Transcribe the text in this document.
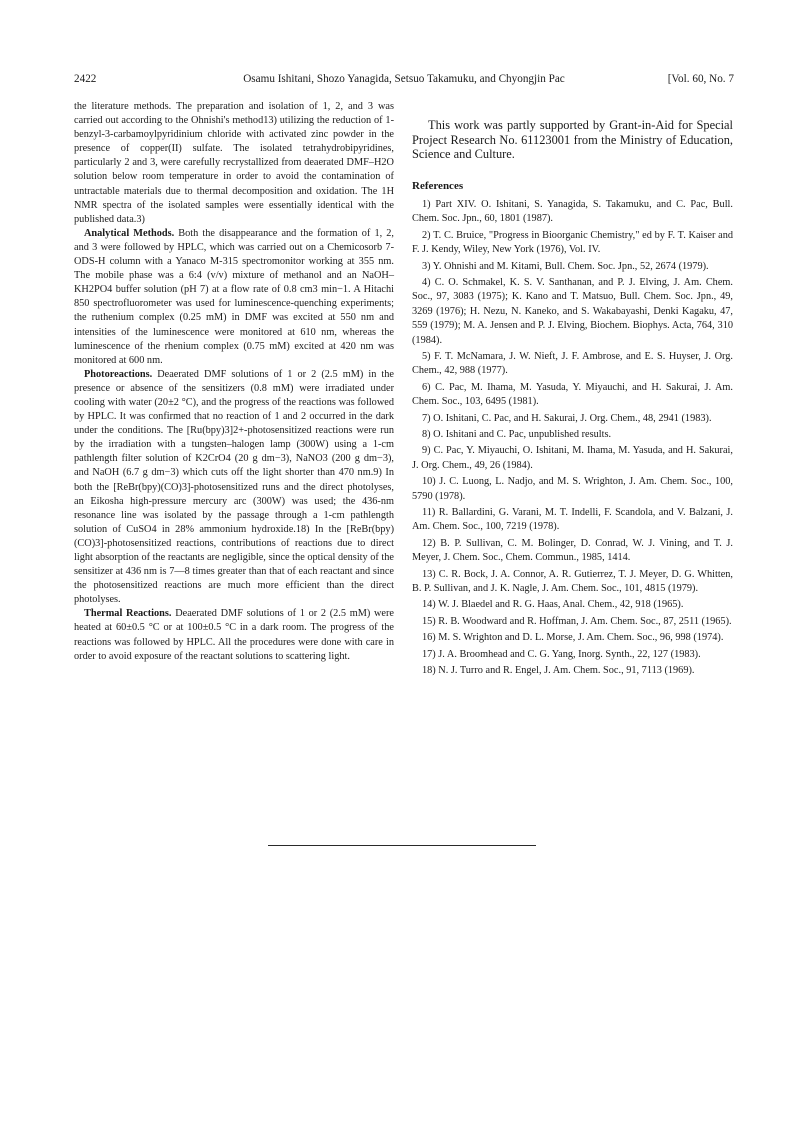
2422	Osamu Ishitani, Shozo Yanagida, Setsuo Takamuku, and Chyongjin Pac	[Vol. 60, No. 7

the literature methods. The preparation and isolation of 1, 2, and 3 was carried out according to the Ohnishi's method13) utilizing the reduction of 1-benzyl-3-carbamoylpyridinium chloride with activated zinc powder in the presence of copper(II) sulfate. The isolated tetrahydrobipyridines, particularly 2 and 3, were carefully recrystallized from deaerated DMF–H2O solution below room temperature in order to avoid the contamination of untractable materials due to thermal decomposition and oxidation. The 1H NMR spectra of the isolated samples were essentially identical with the published data.3)

Analytical Methods. Both the disappearance and the formation of 1, 2, and 3 were followed by HPLC, which was carried out on a Chemicosorb 7-ODS-H column with a Yanaco M-315 spectromonitor working at 355 nm. The mobile phase was a 6:4 (v/v) mixture of methanol and an NaOH–KH2PO4 buffer solution (pH 7) at a flow rate of 0.8 cm3 min−1. A Hitachi 850 spectrofluorometer was used for luminescence-quenching experiments; the ruthenium complex (0.25 mM) in DMF was excited at 550 nm and intensities of the luminescence were monitored at 610 nm, whereas the luminescence of the rhenium complex (0.75 mM) excited at 420 nm was monitored at 600 nm.

Photoreactions. Deaerated DMF solutions of 1 or 2 (2.5 mM) in the presence or absence of the sensitizers (0.8 mM) were irradiated under cooling with water (20±2 °C), and the progress of the reactions was followed by HPLC. It was confirmed that no reaction of 1 and 2 occurred in the dark under the conditions. The [Ru(bpy)3]2+-photosensitized reactions were run by the irradiation with a tungsten–halogen lamp (300W) using a 1-cm pathlength filter solution of K2CrO4 (20 g dm−3), NaNO3 (200 g dm−3), and NaOH (6.7 g dm−3) which cuts off the light shorter than 470 nm.9) In both the [ReBr(bpy)(CO)3]-photosensitized runs and the direct photolyses, an Eikosha high-pressure mercury arc (300W) was used; the 436-nm resonance line was isolated by the passage through a 1-cm pathlength solution of CuSO4 in 28% ammonium hydroxide.18) In the [ReBr(bpy)(CO)3]-photosensitized reactions, contributions of reactions due to direct light absorption of the reactants are negligible, since the optical density of the sensitizer at 436 nm is 7—8 times greater than that of each reactant and since the photosensitized reactions are much more efficient than the direct photolyses.

Thermal Reactions. Deaerated DMF solutions of 1 or 2 (2.5 mM) were heated at 60±0.5 °C or at 100±0.5 °C in a dark room. The progress of the reactions was followed by HPLC. All the procedures were done with care in order to avoid exposure of the reactant solutions to scattering light.

This work was partly supported by Grant-in-Aid for Special Project Research No. 61123001 from the Ministry of Education, Science and Culture.

References

1) Part XIV. O. Ishitani, S. Yanagida, S. Takamuku, and C. Pac, Bull. Chem. Soc. Jpn., 60, 1801 (1987).

2) T. C. Bruice, "Progress in Bioorganic Chemistry," ed by F. T. Kaiser and F. J. Kendy, Wiley, New York (1976), Vol. IV.

3) Y. Ohnishi and M. Kitami, Bull. Chem. Soc. Jpn., 52, 2674 (1979).

4) C. O. Schmakel, K. S. V. Santhanan, and P. J. Elving, J. Am. Chem. Soc., 97, 3083 (1975); K. Kano and T. Matsuo, Bull. Chem. Soc. Jpn., 49, 3269 (1976); H. Nezu, N. Kaneko, and S. Wakabayashi, Denki Kagaku, 47, 559 (1979); M. A. Jensen and P. J. Elving, Biochem. Biophys. Acta, 764, 310 (1984).

5) F. T. McNamara, J. W. Nieft, J. F. Ambrose, and E. S. Huyser, J. Org. Chem., 42, 988 (1977).

6) C. Pac, M. Ihama, M. Yasuda, Y. Miyauchi, and H. Sakurai, J. Am. Chem. Soc., 103, 6495 (1981).

7) O. Ishitani, C. Pac, and H. Sakurai, J. Org. Chem., 48, 2941 (1983).

8) O. Ishitani and C. Pac, unpublished results.

9) C. Pac, Y. Miyauchi, O. Ishitani, M. Ihama, M. Yasuda, and H. Sakurai, J. Org. Chem., 49, 26 (1984).

10) J. C. Luong, L. Nadjo, and M. S. Wrighton, J. Am. Chem. Soc., 100, 5790 (1978).

11) R. Ballardini, G. Varani, M. T. Indelli, F. Scandola, and V. Balzani, J. Am. Chem. Soc., 100, 7219 (1978).

12) B. P. Sullivan, C. M. Bolinger, D. Conrad, W. J. Vining, and T. J. Meyer, J. Chem. Soc., Chem. Commun., 1985, 1414.

13) C. R. Bock, J. A. Connor, A. R. Gutierrez, T. J. Meyer, D. G. Whitten, B. P. Sullivan, and J. K. Nagle, J. Am. Chem. Soc., 101, 4815 (1979).

14) W. J. Blaedel and R. G. Haas, Anal. Chem., 42, 918 (1965).

15) R. B. Woodward and R. Hoffman, J. Am. Chem. Soc., 87, 2511 (1965).

16) M. S. Wrighton and D. L. Morse, J. Am. Chem. Soc., 96, 998 (1974).

17) J. A. Broomhead and C. G. Yang, Inorg. Synth., 22, 127 (1983).

18) N. J. Turro and R. Engel, J. Am. Chem. Soc., 91, 7113 (1969).
